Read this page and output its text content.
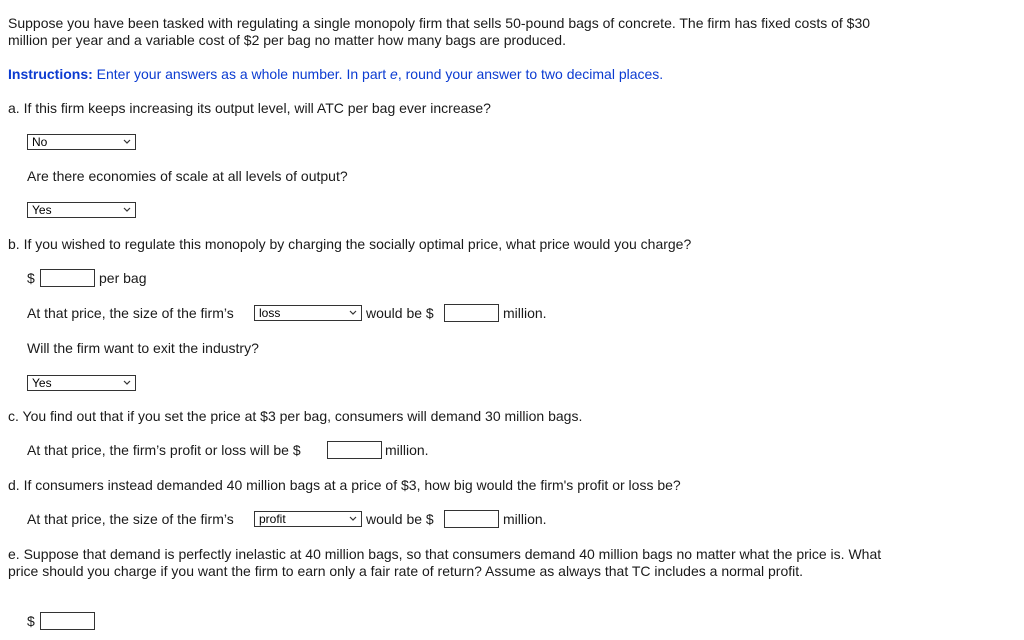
Suppose you have been tasked with regulating a single monopoly firm that sells 50-pound bags of concrete. The firm has fixed costs of $30 million per year and a variable cost of $2 per bag no matter how many bags are produced.
Instructions: Enter your answers as a whole number. In part e, round your answer to two decimal places.
a. If this firm keeps increasing its output level, will ATC per bag ever increase?
No
Are there economies of scale at all levels of output?
Yes
b. If you wished to regulate this monopoly by charging the socially optimal price, what price would you charge?
$	per bag
At that price, the size of the firm’s	loss	would be $	million.
Will the firm want to exit the industry?
Yes
c. You find out that if you set the price at $3 per bag, consumers will demand 30 million bags.
At that price, the firm’s profit or loss will be $	million.
d. If consumers instead demanded 40 million bags at a price of $3, how big would the firm's profit or loss be?
At that price, the size of the firm’s	profit	would be $	million.
e. Suppose that demand is perfectly inelastic at 40 million bags, so that consumers demand 40 million bags no matter what the price is. What price should you charge if you want the firm to earn only a fair rate of return? Assume as always that TC includes a normal profit.
$
